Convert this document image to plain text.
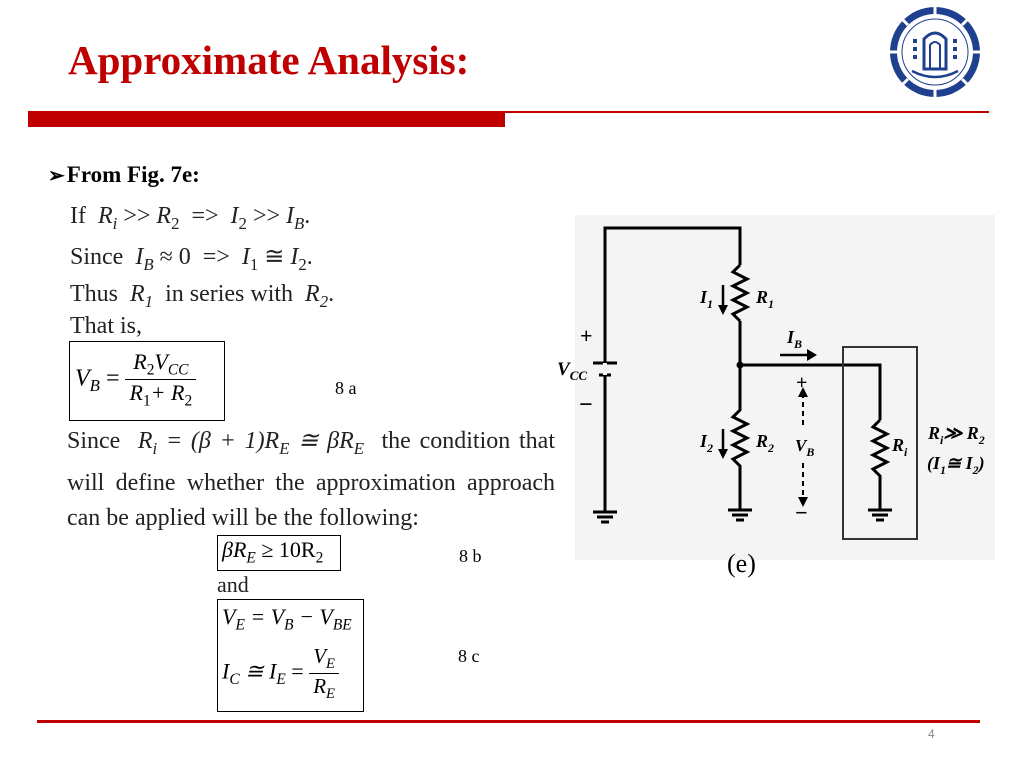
Approximate Analysis:
➢From Fig. 7e:
If $R_i >> R_2 => I_2 >> I_B$.
Since $I_B \approx 0 => I_1$ ≅ $I_2$.
Thus $R_1$ in series with $R_2$.
That is,
$V_B = \frac{R_2V_{CC}}{R_1+ R_2}$	8 a
Since $R_i = (\beta + 1)R_E$ ≅ $\beta R_E$ the condition that will define whether the approximation approach can be applied will be the following:
$\beta R_E \ge 10R_2$	8 b
and
$V_E = V_B - V_{BE}$
$I_C$ ≅ $I_E = \frac{V_E}{R_E}$	8 c
+
−
$V_{CC}$
$I_1$ $R_1$
$I_B$
+
−
$V_B$
$I_2$ $R_2$	$R_i$
$R_i≫$ $R_2$
($I_1≅$ $I_2$)
(e)
4
